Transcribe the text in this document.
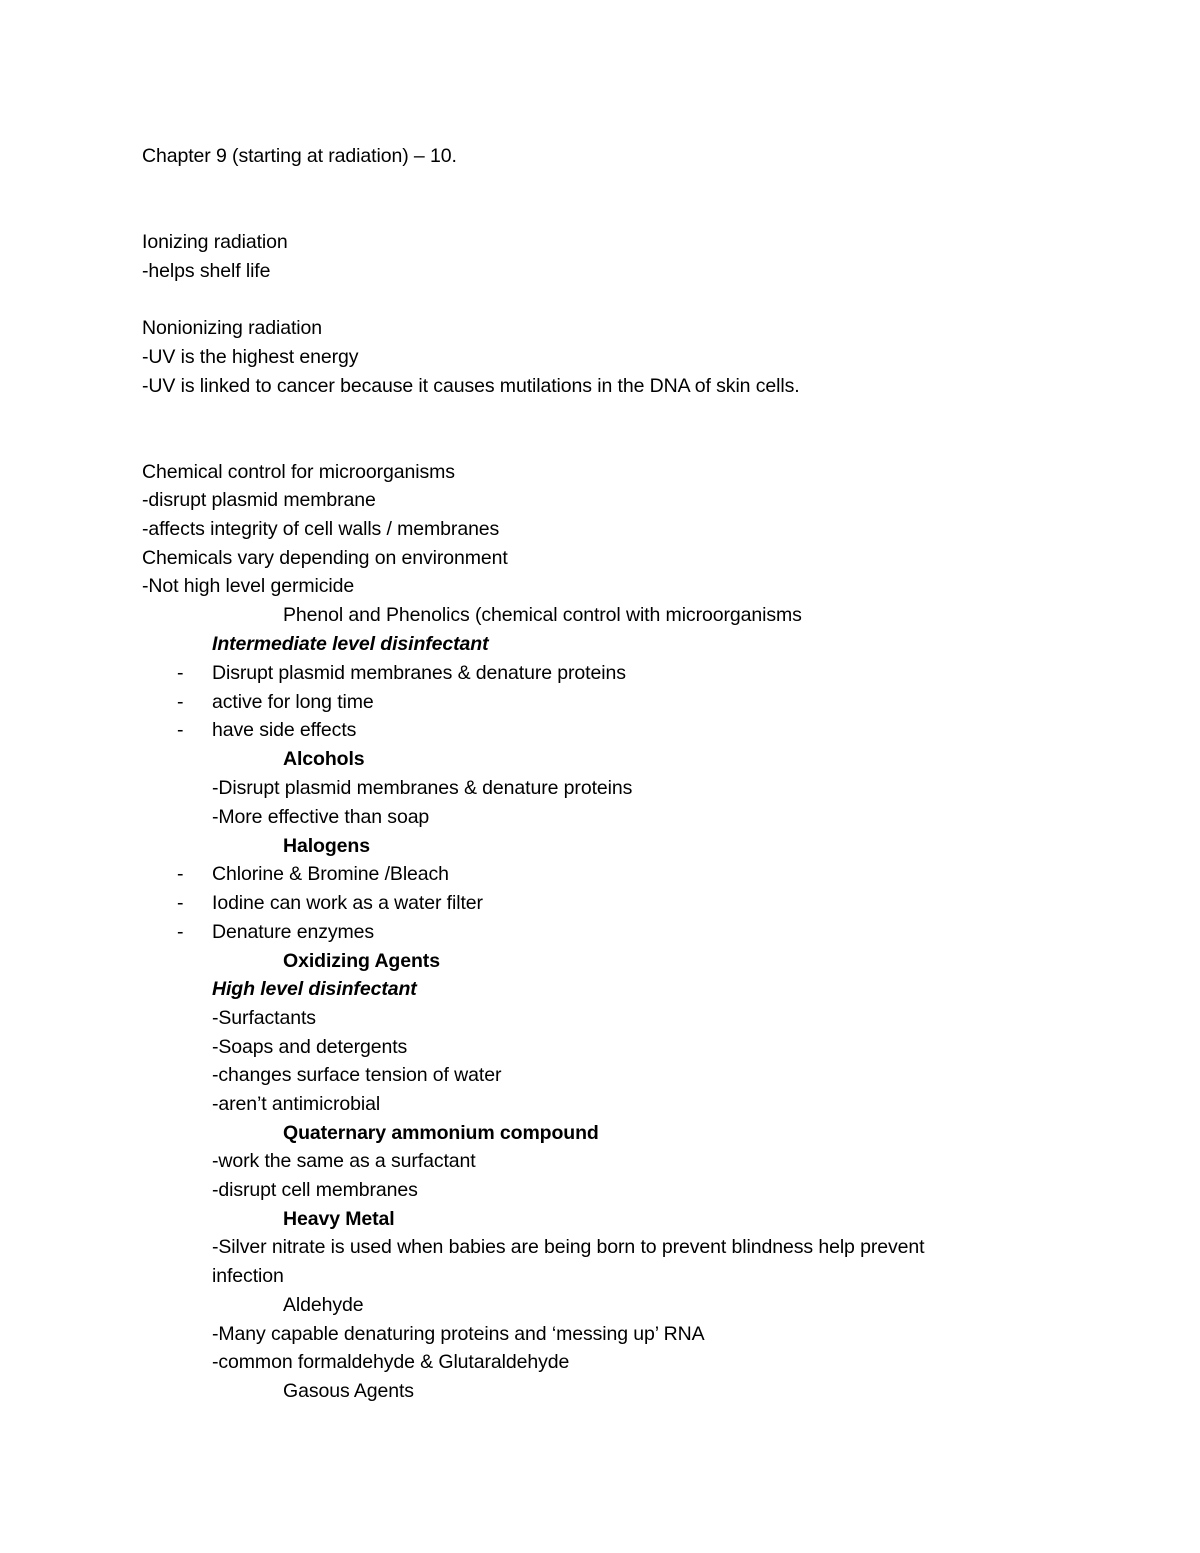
Chapter 9 (starting at radiation) – 10.
Ionizing radiation
-helps shelf life
Nonionizing radiation
-UV is the highest energy
-UV is linked to cancer because it causes mutilations in the DNA of skin cells.
Chemical control for microorganisms
-disrupt plasmid membrane
-affects integrity of cell walls / membranes
Chemicals vary depending on environment
-Not high level germicide
Phenol and Phenolics (chemical control with microorganisms
Intermediate level disinfectant
- Disrupt plasmid membranes & denature proteins
- active for long time
- have side effects
Alcohols
-Disrupt plasmid membranes & denature proteins
-More effective than soap
Halogens
- Chlorine & Bromine /Bleach
- Iodine can work as a water filter
- Denature enzymes
Oxidizing Agents
High level disinfectant
-Surfactants
-Soaps and detergents
-changes surface tension of water
-aren’t antimicrobial
Quaternary ammonium compound
-work the same as a surfactant
-disrupt cell membranes
Heavy Metal
-Silver nitrate is used when babies are being born to prevent blindness help prevent
infection
Aldehyde
-Many capable denaturing proteins and ‘messing up’ RNA
-common formaldehyde & Glutaraldehyde
Gasous Agents
